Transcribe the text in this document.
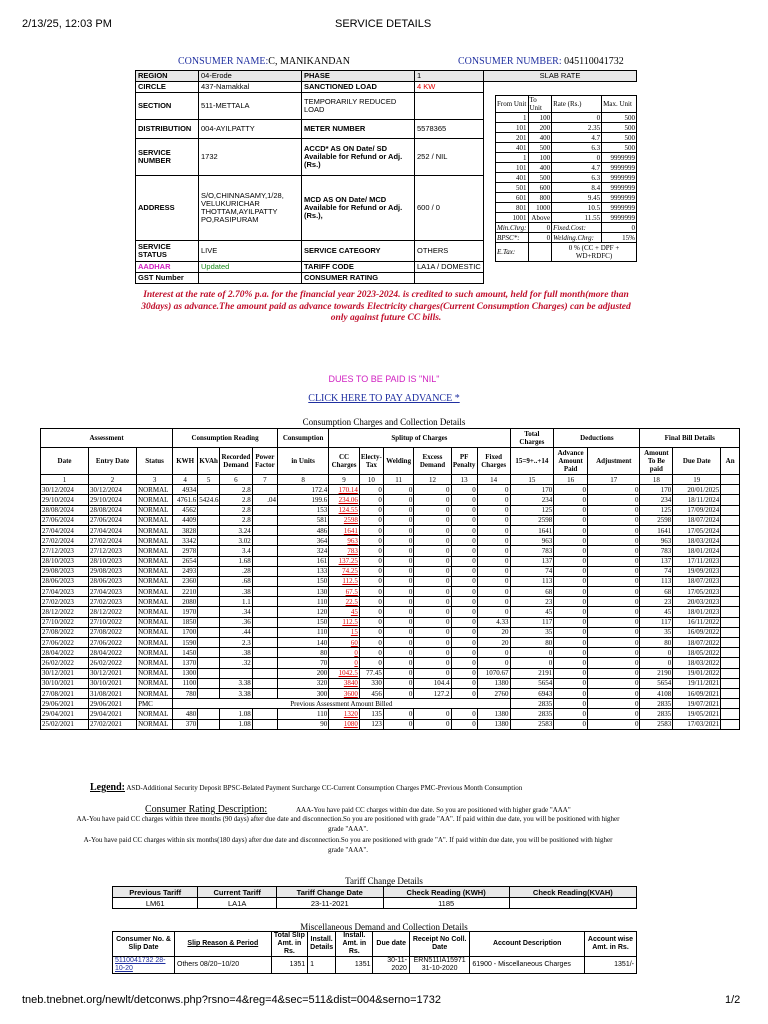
2/13/25, 12:03 PM	SERVICE DETAILS
CONSUMER NAME:C, MANIKANDAN	CONSUMER NUMBER: 045110041732
REGION	04-Erode	PHASE	1	SLAB RATE
CIRCLE	437-Namakkal	SANCTIONED LOAD	4 KW	
SECTION	511-METTALA	TEMPORARILY REDUCED LOAD		
DISTRIBUTION	004-AYILPATTY	METER NUMBER	5578365	
SERVICE NUMBER	1732	ACCD* AS ON Date/ SD Available for Refund or Adj.(Rs.)	252 / NIL	
ADDRESS	S/O,CHINNASAMY,1/28, VELUKURICHAR THOTTAM,AYILPATTY PO,RASIPURAM	MCD AS ON Date/ MCD Available for Refund or Adj.(Rs.),	600 / 0	
SERVICE STATUS	LIVE	SERVICE CATEGORY	OTHERS	
AADHAR	Updated	TARIFF CODE	LA1A / DOMESTIC	
GST Number		CONSUMER RATING		
From Unit	To Unit	Rate (Rs.)	Max. Unit
1	100	0	500
101	200	2.35	500
201	400	4.7	500
401	500	6.3	500
1	100	0	9999999
101	400	4.7	9999999
401	500	6.3	9999999
501	600	8.4	9999999
601	800	9.45	9999999
801	1000	10.5	9999999
1001	Above	11.55	9999999
Min.Chrg:	0	Fixed.Cost:	0
BPSC*:	0	Welding.Chrg:	15%
E.Tax:		0 % (CC + DPF + WD+RDFC)	
Interest at the rate of 2.70% p.a. for the financial year 2023-2024. is credited to such amount, held for full month(more than 30days) as advance.The amount paid as advance towards Electricity charges(Current Consumption Charges) can be adjusted only against future CC bills.
DUES TO BE PAID IS "NIL"
CLICK HERE TO PAY ADVANCE *
Consumption Charges and Collection Details
Assessment			Consumption Reading				Consumption	Splitup of Charges						Total Charges	Deductions		Final Bill Details		
Date	Entry Date	Status	KWH	KVAh	Recorded Demand	Power Factor	in Units	CC Charges	Electy-Tax	Welding	Excess Demand	PF Penalty	Fixed Charges	15=9+..+14	Advance Amount Paid	Adjustment	Amount To Be paid	Due Date	An
1	2	3	4	5	6	7	8	9	10	11	12	13	14	15	16	17	18	19	
30/12/2024	30/12/2024	NORMAL	4934		2.8		172.4	170.14	0	0	0	0	0	170	0	0	170	20/01/2025	
29/10/2024	29/10/2024	NORMAL	4761.6	5424.6	2.8	.04	199.6	234.06	0	0	0	0	0	234	0	0	234	18/11/2024	
28/08/2024	28/08/2024	NORMAL	4562		2.8		153	124.55	0	0	0	0	0	125	0	0	125	17/09/2024	
27/06/2024	27/06/2024	NORMAL	4409		2.8		581	2598	0	0	0	0	0	2598	0	0	2598	18/07/2024	
27/04/2024	27/04/2024	NORMAL	3828		3.24		486	1641	0	0	0	0	0	1641	0	0	1641	17/05/2024	
27/02/2024	27/02/2024	NORMAL	3342		3.02		364	963	0	0	0	0	0	963	0	0	963	18/03/2024	
27/12/2023	27/12/2023	NORMAL	2978		3.4		324	783	0	0	0	0	0	783	0	0	783	18/01/2024	
28/10/2023	28/10/2023	NORMAL	2654		1.68		161	137.25	0	0	0	0	0	137	0	0	137	17/11/2023	
29/08/2023	29/08/2023	NORMAL	2493		.28		133	74.25	0	0	0	0	0	74	0	0	74	19/09/2023	
28/06/2023	28/06/2023	NORMAL	2360		.68		150	112.5	0	0	0	0	0	113	0	0	113	18/07/2023	
27/04/2023	27/04/2023	NORMAL	2210		.38		130	67.5	0	0	0	0	0	68	0	0	68	17/05/2023	
27/02/2023	27/02/2023	NORMAL	2080		1.1		110	22.5	0	0	0	0	0	23	0	0	23	20/03/2023	
28/12/2022	28/12/2022	NORMAL	1970		.34		120	45	0	0	0	0	0	45	0	0	45	18/01/2023	
27/10/2022	27/10/2022	NORMAL	1850		.36		150	112.5	0	0	0	0	4.33	117	0	0	117	16/11/2022	
27/08/2022	27/08/2022	NORMAL	1700		.44		110	15	0	0	0	0	20	35	0	0	35	16/09/2022	
27/06/2022	27/06/2022	NORMAL	1590		2.3		140	60	0	0	0	0	20	80	0	0	80	18/07/2022	
28/04/2022	28/04/2022	NORMAL	1450		.38		80	0	0	0	0	0	0	0	0	0	0	18/05/2022	
26/02/2022	26/02/2022	NORMAL	1370		.32		70	0	0	0	0	0	0	0	0	0	0	18/03/2022	
30/12/2021	30/12/2021	NORMAL	1300				200	1042.5	77.45	0	0	0	1070.67	2191	0	0	2190	19/01/2022	
30/10/2021	30/10/2021	NORMAL	1100		3.38		320	3840	330	0	104.4	0	1380	5654	0	0	5654	19/11/2021	
27/08/2021	31/08/2021	NORMAL	780		3.38		300	3600	456	0	127.2	0	2760	6943	0	0	4108	16/09/2021	
29/06/2021	29/06/2021	PMC	Previous Assessment Amount Billed											2835	0	0	2835	19/07/2021	
29/04/2021	29/04/2021	NORMAL	480		1.08		110	1320	135	0	0	0	1380	2835	0	0	2835	19/05/2021	
25/02/2021	27/02/2021	NORMAL	370		1.08		90	1080	123	0	0	0	1380	2583	0	0	2583	17/03/2021	
Legend: ASD-Additional Security Deposit BPSC-Belated Payment Surcharge CC-Current Consumption Charges PMC-Previous Month Consumption
Consumer Rating Description:	AAA-You have paid CC charges within due date. So you are positioned with higher grade "AAA"
AA-You have paid CC charges within three months (90 days) after due date and disconnection.So you are positioned with grade "AA". If paid within due date, you will be positioned with higher grade "AAA".
A-You have paid CC charges within six months(180 days) after due date and disconnection.So you are positioned with grade "A". If paid within due date, you will be positioned with higher grade "AAA".
Tariff Change Details
Previous Tariff	Current Tariff	Tariff Change Date	Check Reading (KWH)	Check Reading(KVAH)
LM61	LA1A	23-11-2021	1185	
Miscellaneous Demand and Collection Details
Consumer No. & Slip Date	Slip Reason & Period	Total Slip Amt. in Rs.	Install. Details	Install. Amt. in Rs.	Due date	Receipt No Coll. Date	Account Description	Account wise Amt. in Rs.
5110041732 28-10-20	Others 08/20~10/20	1351	1	1351	30-11-2020	ERN511IA15971 31-10-2020	61900 - Miscellaneous Charges	1351/-
tneb.tnebnet.org/newlt/detconws.php?rsno=4&reg=4&sec=511&dist=004&serno=1732	1/2
